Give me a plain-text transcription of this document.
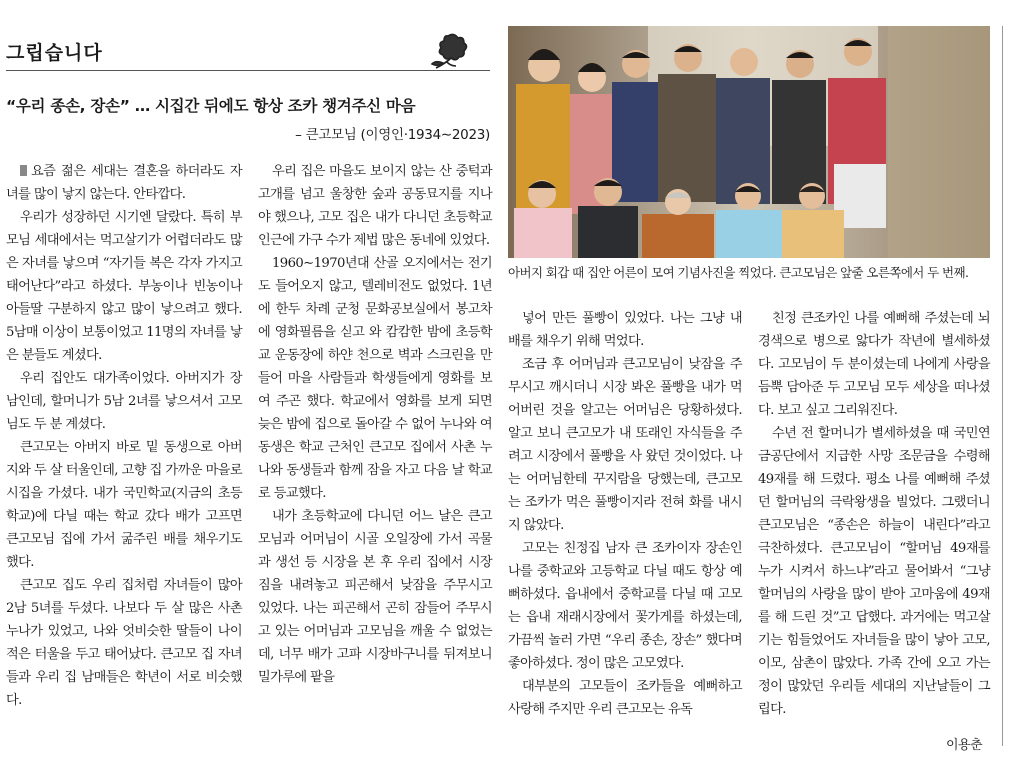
그립습니다
“우리 종손, 장손” … 시집간 뒤에도 항상 조카 챙겨주신 마음
– 큰고모님 (이영인·1934∼2023)
아버지 회갑 때 집안 어른이 모여 기념사진을 찍었다. 큰고모님은 앞줄 오른쪽에서 두 번째.

요즘 젊은 세대는 결혼을 하더라도 자녀를 많이 낳지 않는다. 안타깝다.

우리가 성장하던 시기엔 달랐다. 특히 부모님 세대에서는 먹고살기가 어렵더라도 많은 자녀를 낳으며 “자기들 복은 각자 가지고 태어난다”라고 하셨다. 부농이나 빈농이나 아들딸 구분하지 않고 많이 낳으려고 했다. 5남매 이상이 보통이었고 11명의 자녀를 낳은 분들도 계셨다.

우리 집안도 대가족이었다. 아버지가 장남인데, 할머니가 5남 2녀를 낳으셔서 고모님도 두 분 계셨다.

큰고모는 아버지 바로 밑 동생으로 아버지와 두 살 터울인데, 고향 집 가까운 마을로 시집을 가셨다. 내가 국민학교(지금의 초등학교)에 다닐 때는 학교 갔다 배가 고프면 큰고모님 집에 가서 굶주린 배를 채우기도 했다.

큰고모 집도 우리 집처럼 자녀들이 많아 2남 5녀를 두셨다. 나보다 두 살 많은 사촌 누나가 있었고, 나와 엇비슷한 딸들이 나이 적은 터울을 두고 태어났다. 큰고모 집 자녀들과 우리 집 남매들은 학년이 서로 비슷했다.

우리 집은 마을도 보이지 않는 산 중턱과 고개를 넘고 울창한 숲과 공동묘지를 지나야 했으나, 고모 집은 내가 다니던 초등학교 인근에 가구 수가 제법 많은 동네에 있었다.

1960∼1970년대 산골 오지에서는 전기도 들어오지 않고, 텔레비전도 없었다. 1년에 한두 차례 군청 문화공보실에서 봉고차에 영화필름을 싣고 와 캄캄한 밤에 초등학교 운동장에 하얀 천으로 벽과 스크린을 만들어 마을 사람들과 학생들에게 영화를 보여 주곤 했다. 학교에서 영화를 보게 되면 늦은 밤에 집으로 돌아갈 수 없어 누나와 여동생은 학교 근처인 큰고모 집에서 사촌 누나와 동생들과 함께 잠을 자고 다음 날 학교로 등교했다.

내가 초등학교에 다니던 어느 날은 큰고모님과 어머님이 시골 오일장에 가서 곡물과 생선 등 시장을 본 후 우리 집에서 시장 짐을 내려놓고 피곤해서 낮잠을 주무시고 있었다. 나는 피곤해서 곤히 잠들어 주무시고 있는 어머님과 고모님을 깨울 수 없었는데, 너무 배가 고파 시장바구니를 뒤져보니 밀가루에 팥을

넣어 만든 풀빵이 있었다. 나는 그냥 내 배를 채우기 위해 먹었다.

조금 후 어머님과 큰고모님이 낮잠을 주무시고 깨시더니 시장 봐온 풀빵을 내가 먹어버린 것을 알고는 어머님은 당황하셨다. 알고 보니 큰고모가 내 또래인 자식들을 주려고 시장에서 풀빵을 사 왔던 것이었다. 나는 어머님한테 꾸지람을 당했는데, 큰고모는 조카가 먹은 풀빵이지라 전혀 화를 내시지 않았다.

고모는 친정집 남자 큰 조카이자 장손인 나를 중학교와 고등학교 다닐 때도 항상 예뻐하셨다. 읍내에서 중학교를 다닐 때 고모는 읍내 재래시장에서 꽃가게를 하셨는데, 가끔씩 놀러 가면 “우리 종손, 장손” 했다며 좋아하셨다. 정이 많은 고모였다.

대부분의 고모들이 조카들을 예뻐하고 사랑해 주지만 우리 큰고모는 유독

친정 큰조카인 나를 예뻐해 주셨는데 뇌경색으로 병으로 앓다가 작년에 별세하셨다. 고모님이 두 분이셨는데 나에게 사랑을 듬뿍 담아준 두 고모님 모두 세상을 떠나셨다. 보고 싶고 그리워진다.

수년 전 할머니가 별세하셨을 때 국민연금공단에서 지급한 사망 조문금을 수령해 49재를 해 드렸다. 평소 나를 예뻐해 주셨던 할머님의 극락왕생을 빌었다. 그랬더니 큰고모님은 “종손은 하늘이 내린다”라고 극찬하셨다. 큰고모님이 “할머님 49재를 누가 시켜서 하느냐”라고 물어봐서 “그냥 할머님의 사랑을 많이 받아 고마움에 49재를 해 드린 것”고 답했다. 과거에는 먹고살기는 힘들었어도 자녀들을 많이 낳아 고모, 이모, 삼촌이 많았다. 가족 간에 오고 가는 정이 많았던 우리들 세대의 지난날들이 그립다.

이용춘
